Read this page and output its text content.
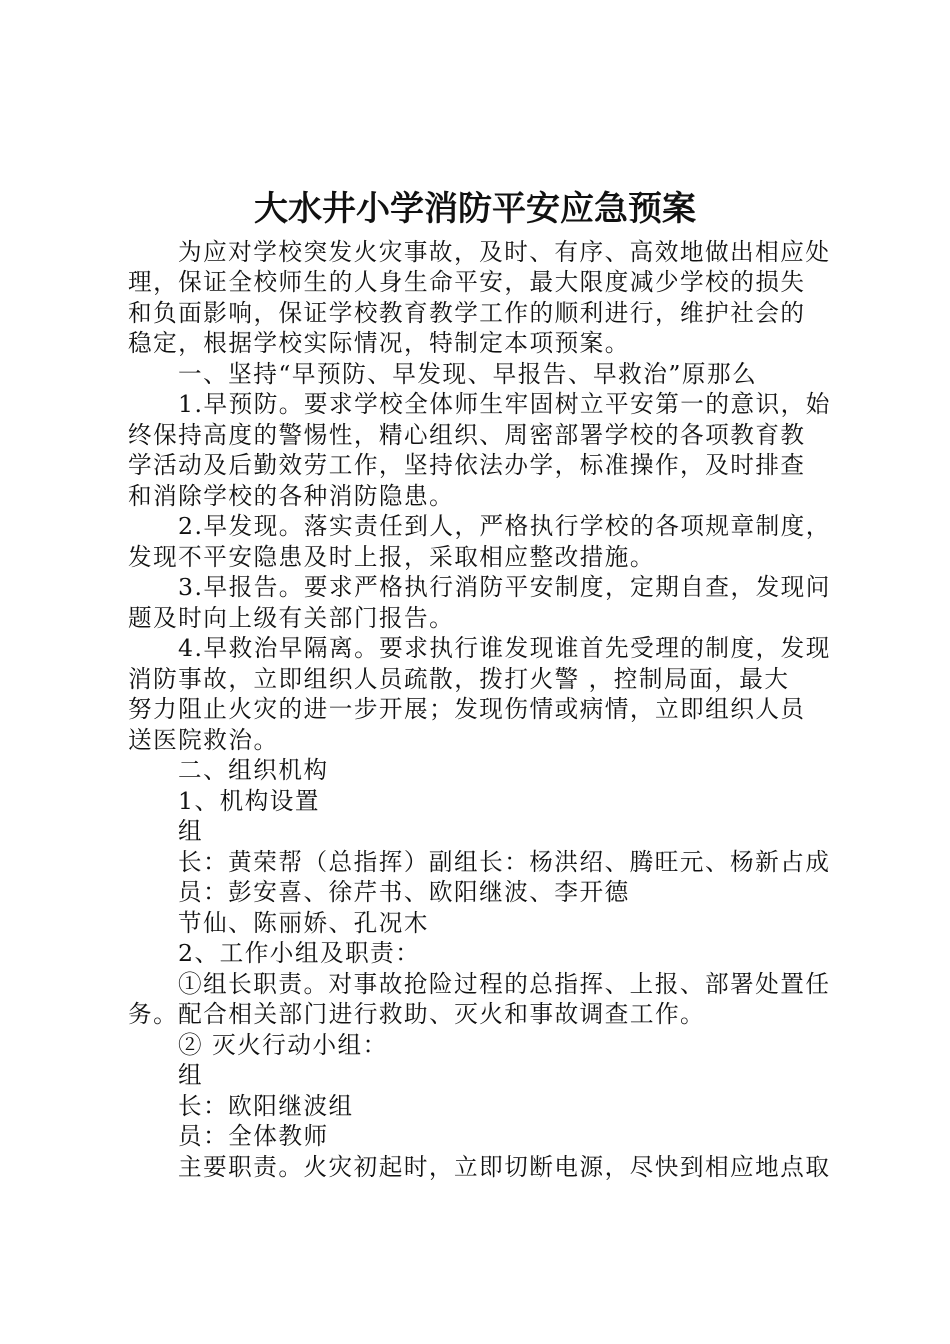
大水井小学消防平安应急预案
为应对学校突发火灾事故，及时、有序、高效地做出相应处
理，保证全校师生的人身生命平安，最大限度减少学校的损失
和负面影响，保证学校教育教学工作的顺利进行，维护社会的
稳定，根据学校实际情况，特制定本项预案。
一、坚持“早预防、早发现、早报告、早救治”原那么
1.早预防。要求学校全体师生牢固树立平安第一的意识，始
终保持高度的警惕性，精心组织、周密部署学校的各项教育教
学活动及后勤效劳工作，坚持依法办学，标准操作，及时排查
和消除学校的各种消防隐患。
2.早发现。落实责任到人，严格执行学校的各项规章制度，
发现不平安隐患及时上报，采取相应整改措施。
3.早报告。要求严格执行消防平安制度，定期自查，发现问
题及时向上级有关部门报告。
4.早救治早隔离。要求执行谁发现谁首先受理的制度，发现
消防事故，立即组织人员疏散，拨打火警 ，控制局面，最大
努力阻止火灾的进一步开展；发现伤情或病情，立即组织人员
送医院救治。
二、组织机构
1、机构设置
组
长：黄荣帮（总指挥）副组长：杨洪绍、腾旺元、杨新占成
员：彭安喜、徐芹书、欧阳继波、李开德
节仙、陈丽娇、孔况木
2、工作小组及职责：
①组长职责。对事故抢险过程的总指挥、上报、部署处置任
务。配合相关部门进行救助、灭火和事故调查工作。
② 灭火行动小组：
组
长：欧阳继波组
员：全体教师
主要职责。火灾初起时，立即切断电源，尽快到相应地点取
